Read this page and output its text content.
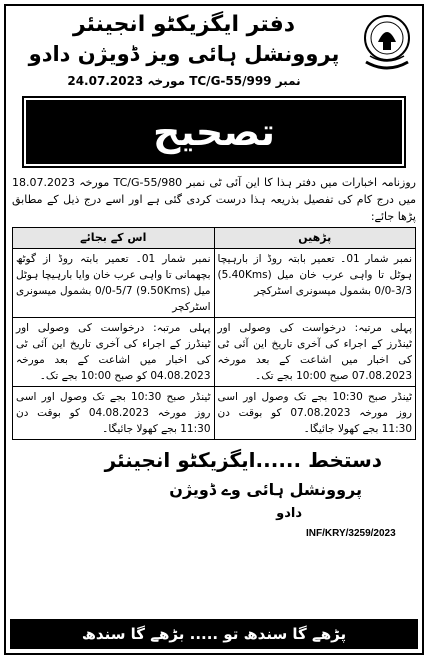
دفتر ایگزیکٹو انجینئر
پروونشل ہائی ویز ڈویژن دادو
نمبر TC/G-55/999 مورخہ 24.07.2023
تصحیح
روزنامہ اخبارات میں دفتر ہذا کا این آئی ٹی نمبر TC/G-55/980 مورخہ 18.07.2023 میں درج کام کی تفصیل بذریعہ ہذا درست کردی گئی ہے اور اسے درج ذیل کے مطابق پڑھا جائے:
پڑھیں	اس کے بجائے
نمبر شمار 01۔ تعمیر بابتہ روڈ از بارہیچا ہوٹل تا واہی عرب خان میل (5.40Kms) 0/0-3/3 بشمول میسونری اسٹرکچر	نمبر شمار 01۔ تعمیر بابتہ روڈ از گوٹھ بچھمانی تا واہی عرب خان وایا بارہیچا ہوٹل میل (9.50Kms) 0/0-5/7 بشمول میسونری اسٹرکچر
پہلی مرتبہ: درخواست کی وصولی اور ٹینڈرز کے اجراء کی آخری تاریخ این آئی ٹی کی اخبار میں اشاعت کے بعد مورخہ 07.08.2023 صبح 10:00 بجے تک۔	پہلی مرتبہ: درخواست کی وصولی اور ٹینڈرز کے اجراء کی آخری تاریخ این آئی ٹی کی اخبار میں اشاعت کے بعد مورخہ 04.08.2023 کو صبح 10:00 بجے تک۔
ٹینڈر صبح 10:30 بجے تک وصول اور اسی روز مورخہ 07.08.2023 کو بوقت دن 11:30 بجے کھولا جائیگا۔	ٹینڈر صبح 10:30 بجے تک وصول اور اسی روز مورخہ 04.08.2023 کو بوقت دن 11:30 بجے کھولا جائیگا۔
دستخط ......ایگزیکٹو انجینئر
پروونشل ہائی وے ڈویژن
دادو
INF/KRY/3259/2023
پڑھے گا سندھ تو ..... بڑھے گا سندھ
